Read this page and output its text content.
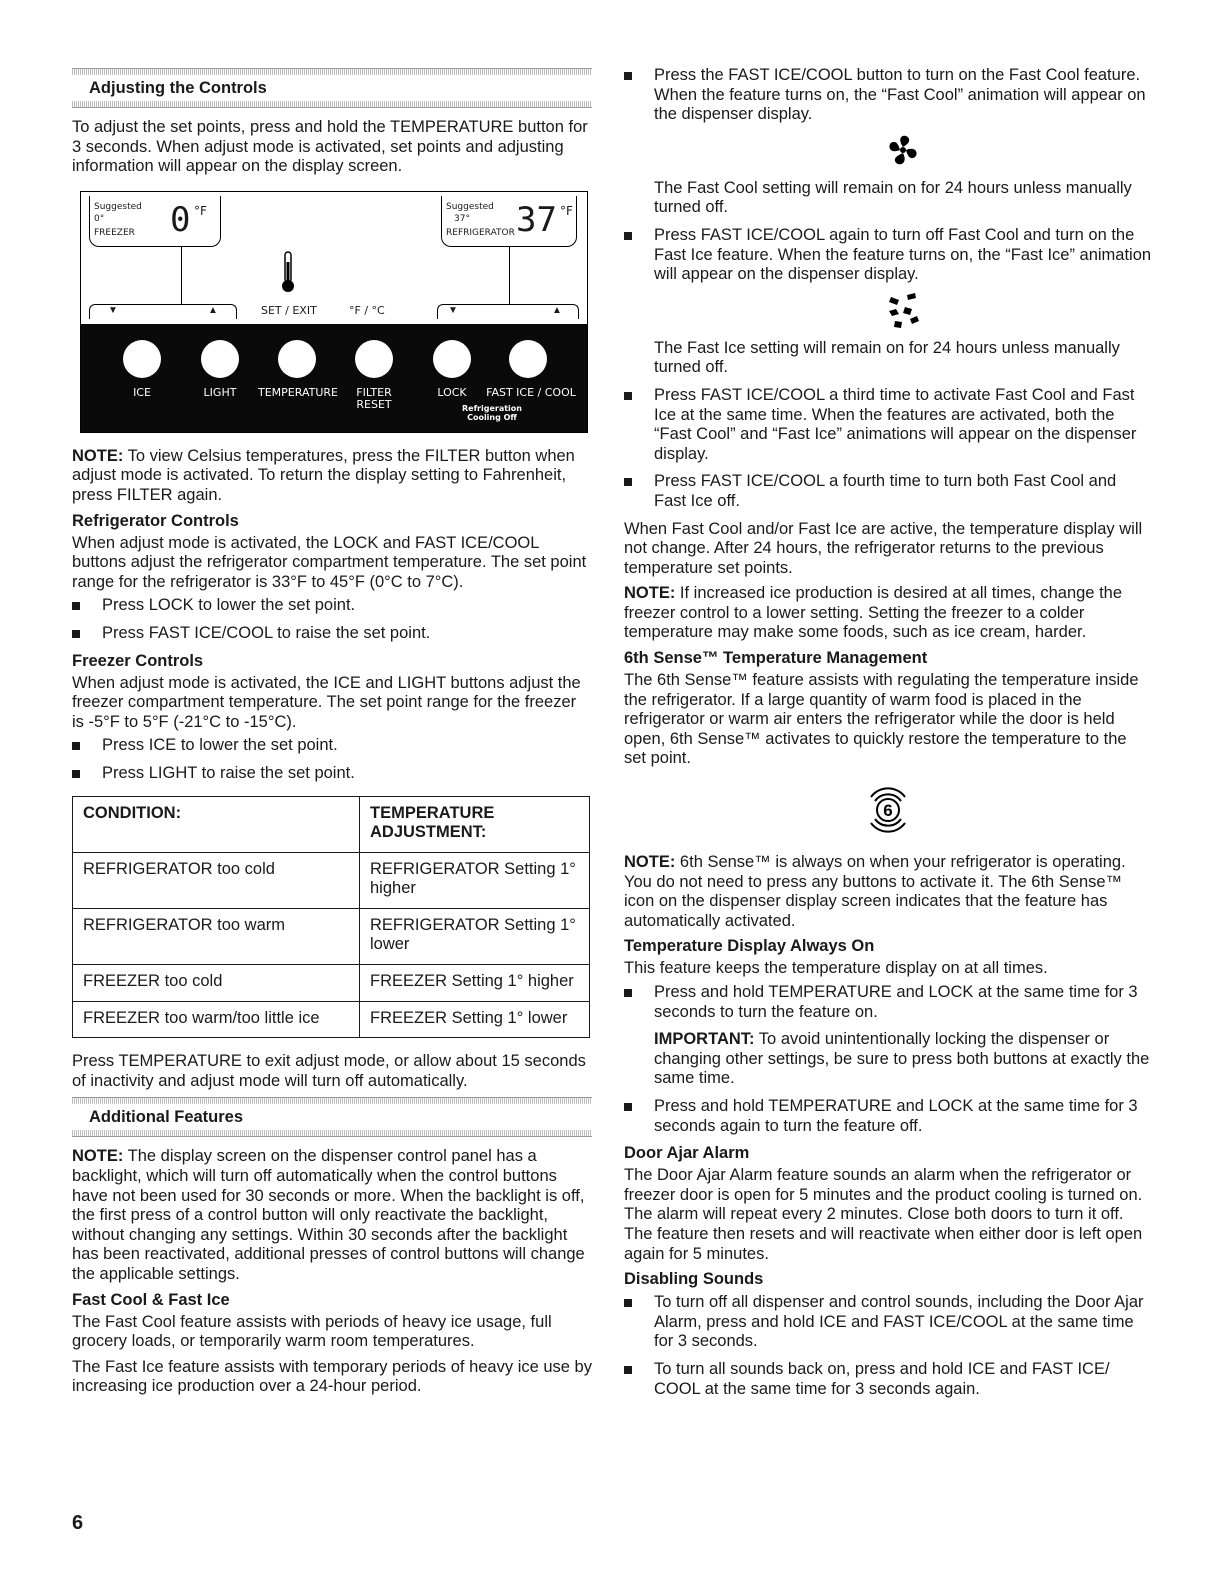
Adjusting the Controls

To adjust the set points, press and hold the TEMPERATURE button for 3 seconds. When adjust mode is activated, set points and adjusting information will appear on the display screen.

Suggested
0°
FREEZER 0 °F	Suggested
37°
REFRIGERATOR 37 °F
▼	▲	▼	▲
SET / EXIT	°F / °C
ICE	LIGHT	TEMPERATURE	FILTER RESET
LOCK	FAST ICE / COOL
Refrigeration Cooling Off

NOTE: To view Celsius temperatures, press the FILTER button when adjust mode is activated. To return the display setting to Fahrenheit, press FILTER again.

Refrigerator Controls

When adjust mode is activated, the LOCK and FAST ICE/COOL buttons adjust the refrigerator compartment temperature. The set point range for the refrigerator is 33°F to 45°F (0°C to 7°C).

Press LOCK to lower the set point.
Press FAST ICE/COOL to raise the set point.
Freezer Controls

When adjust mode is activated, the ICE and LIGHT buttons adjust the freezer compartment temperature. The set point range for the freezer is -5°F to 5°F (-21°C to -15°C).

Press ICE to lower the set point.
Press LIGHT to raise the set point.
CONDITION:	TEMPERATURE ADJUSTMENT:
REFRIGERATOR too cold	REFRIGERATOR Setting 1° higher
REFRIGERATOR too warm	REFRIGERATOR Setting 1° lower
FREEZER too cold	FREEZER Setting 1° higher
FREEZER too warm/too little ice	FREEZER Setting 1° lower

Press TEMPERATURE to exit adjust mode, or allow about 15 seconds of inactivity and adjust mode will turn off automatically.

Additional Features

NOTE: The display screen on the dispenser control panel has a backlight, which will turn off automatically when the control buttons have not been used for 30 seconds or more. When the backlight is off, the first press of a control button will only reactivate the backlight, without changing any settings. Within 30 seconds after the backlight has been reactivated, additional presses of control buttons will change the applicable settings.

Fast Cool & Fast Ice

The Fast Cool feature assists with periods of heavy ice usage, full grocery loads, or temporarily warm room temperatures.

The Fast Ice feature assists with temporary periods of heavy ice use by increasing ice production over a 24-hour period.

Press the FAST ICE/COOL button to turn on the Fast Cool feature. When the feature turns on, the “Fast Cool” animation will appear on the dispenser display.
The Fast Cool setting will remain on for 24 hours unless manually turned off.
Press FAST ICE/COOL again to turn off Fast Cool and turn on the Fast Ice feature. When the feature turns on, the “Fast Ice” animation will appear on the dispenser display.
The Fast Ice setting will remain on for 24 hours unless manually turned off.
Press FAST ICE/COOL a third time to activate Fast Cool and Fast Ice at the same time. When the features are activated, both the “Fast Cool” and “Fast Ice” animations will appear on the dispenser display.
Press FAST ICE/COOL a fourth time to turn both Fast Cool and Fast Ice off.

When Fast Cool and/or Fast Ice are active, the temperature display will not change. After 24 hours, the refrigerator returns to the previous temperature set points.

NOTE: If increased ice production is desired at all times, change the freezer control to a lower setting. Setting the freezer to a colder temperature may make some foods, such as ice cream, harder.

6th Sense™ Temperature Management

The 6th Sense™ feature assists with regulating the temperature inside the refrigerator. If a large quantity of warm food is placed in the refrigerator or warm air enters the refrigerator while the door is held open, 6th Sense™ activates to quickly restore the temperature to the set point.

6

NOTE: 6th Sense™ is always on when your refrigerator is operating. You do not need to press any buttons to activate it. The 6th Sense™ icon on the dispenser display screen indicates that the feature has automatically activated.

Temperature Display Always On

This feature keeps the temperature display on at all times.

Press and hold TEMPERATURE and LOCK at the same time for 3 seconds to turn the feature on.
IMPORTANT: To avoid unintentionally locking the dispenser or changing other settings, be sure to press both buttons at exactly the same time.
Press and hold TEMPERATURE and LOCK at the same time for 3 seconds again to turn the feature off.
Door Ajar Alarm

The Door Ajar Alarm feature sounds an alarm when the refrigerator or freezer door is open for 5 minutes and the product cooling is turned on. The alarm will repeat every 2 minutes. Close both doors to turn it off. The feature then resets and will reactivate when either door is left open again for 5 minutes.

Disabling Sounds
To turn off all dispenser and control sounds, including the Door Ajar Alarm, press and hold ICE and FAST ICE/COOL at the same time for 3 seconds.
To turn all sounds back on, press and hold ICE and FAST ICE/ COOL at the same time for 3 seconds again.
6
